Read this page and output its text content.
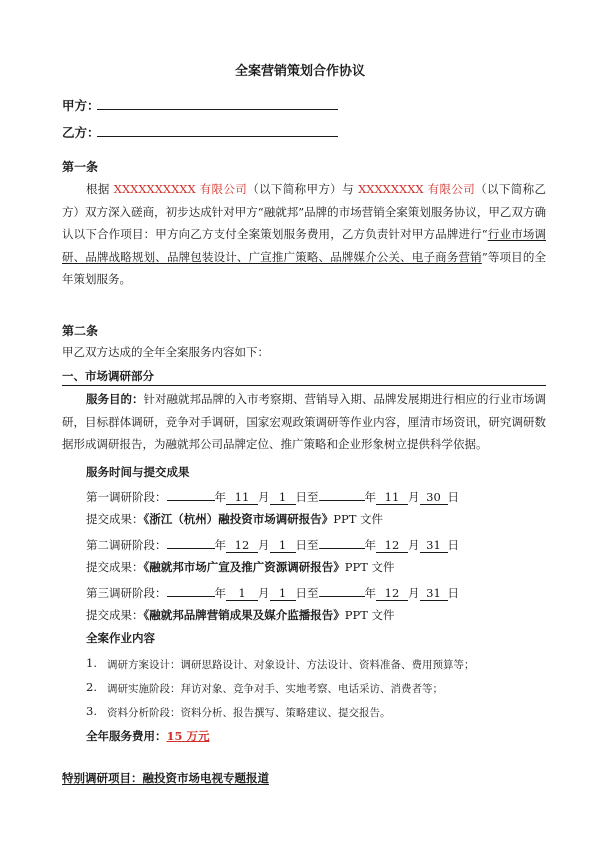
全案营销策划合作协议
甲方：
乙方：
第一条
根据 XXXXXXXXXX 有限公司（以下简称甲方）与 XXXXXXXX 有限公司（以下简称乙方）双方深入磋商，初步达成针对甲方“融就邦”品牌的市场营销全案策划服务协议，甲乙双方确认以下合作项目：甲方向乙方支付全案策划服务费用，乙方负责针对甲方品牌进行“行业市场调研、品牌战略规划、品牌包装设计、广宣推广策略、品牌媒介公关、电子商务营销”等项目的全年策划服务。
第二条
甲乙双方达成的全年全案服务内容如下：
一、市场调研部分
服务目的：针对融就邦品牌的入市考察期、营销导入期、品牌发展期进行相应的行业市场调研，目标群体调研，竞争对手调研，国家宏观政策调研等作业内容，厘清市场资讯，研究调研数据形成调研报告，为融就邦公司品牌定位、推广策略和企业形象树立提供科学依据。
服务时间与提交成果
第一调研阶段：	年 11 月 1 日至	年 11 月 30 日
提交成果：《浙江（杭州）融投资市场调研报告》PPT 文件
第二调研阶段：	年 12 月 1 日至	年 12 月 31 日
提交成果：《融就邦市场广宣及推广资源调研报告》PPT 文件
第三调研阶段：	年 1 月 1 日至	年 12 月 31 日
提交成果：《融就邦品牌营销成果及媒介监播报告》PPT 文件
全案作业内容
1. 调研方案设计：调研思路设计、对象设计、方法设计、资料准备、费用预算等；
2. 调研实施阶段：拜访对象、竞争对手、实地考察、电话采访、消费者等；
3. 资料分析阶段：资料分析、报告撰写、策略建议、提交报告。
全年服务费用：15 万元
特别调研项目：融投资市场电视专题报道
